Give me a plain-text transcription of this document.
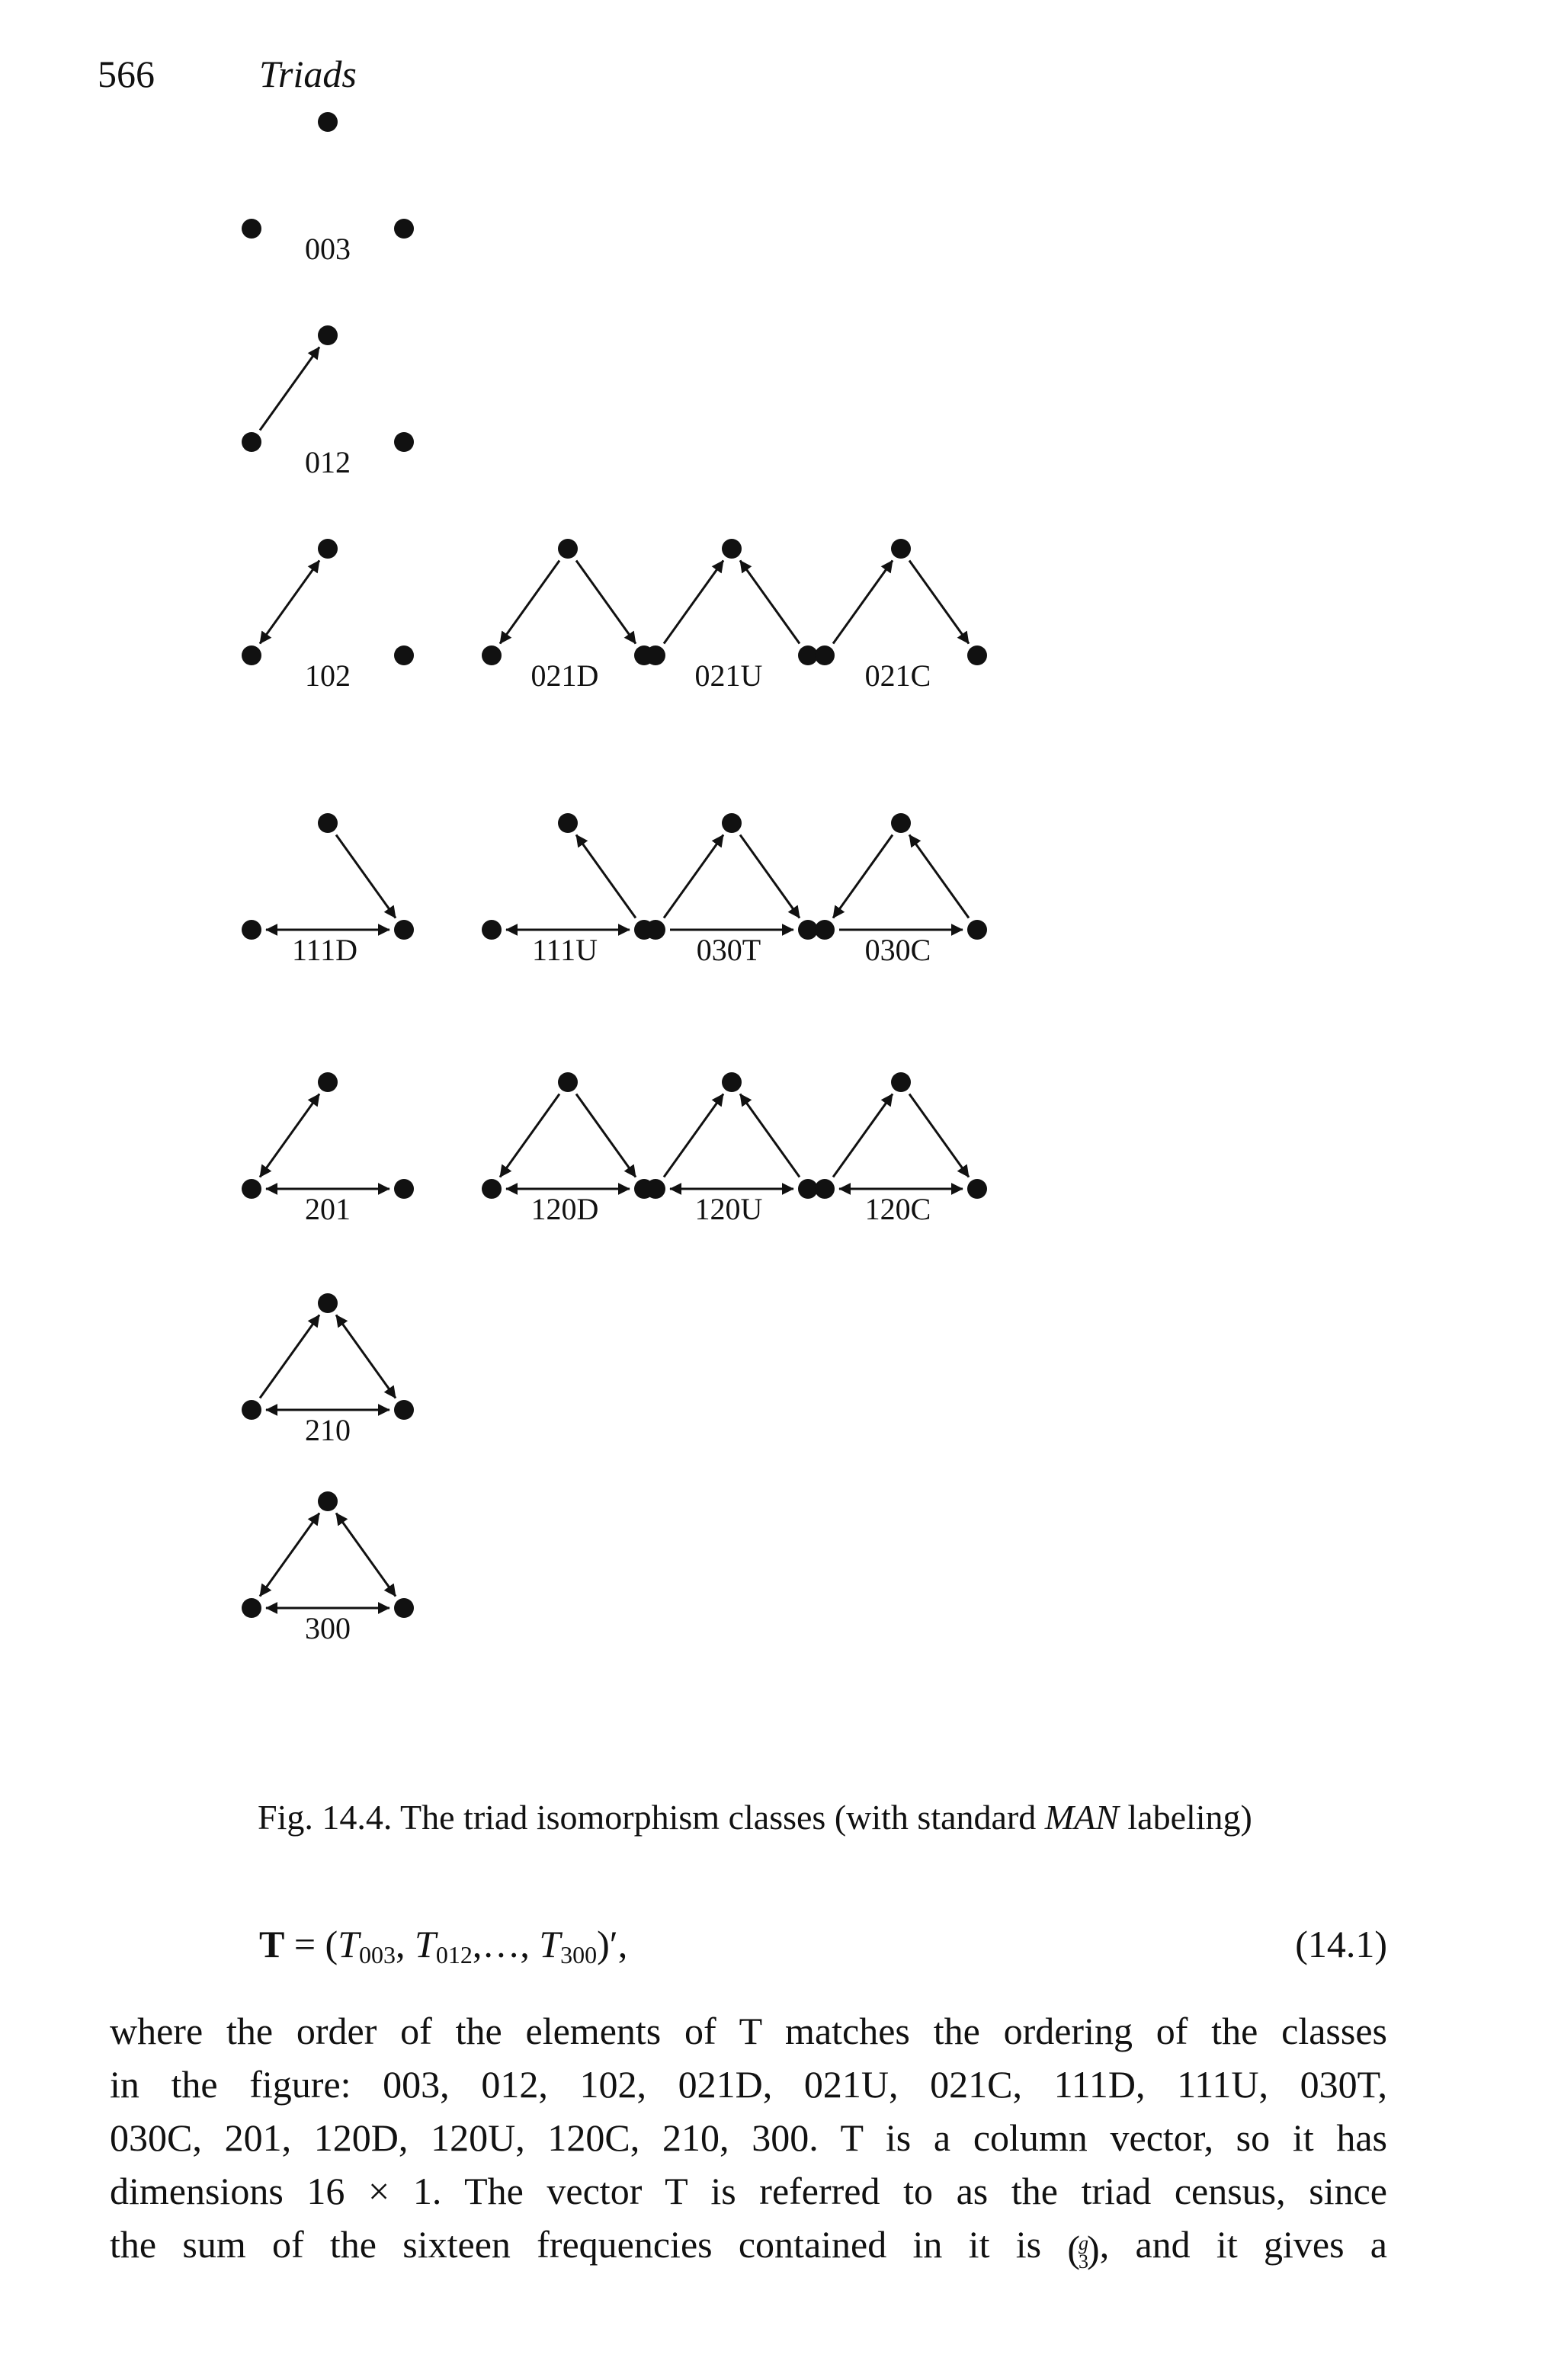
566	Triads
003
012
102	021D	021U	021C
111D	111U	030T	030C
201	120D	120U	120C
210
300
Fig. 14.4. The triad isomorphism classes (with standard MAN labeling)
$T = (T_{003}$, $T_{012},\dots$, $T_{300})'$,	(14.1)

where the order of the elements of T matches the ordering of the classes
in the figure: 003, 012, 102, 021D, 021U, 021C, 111D, 111U, 030T,
030C, 201, 120D, 120U, 120C, 210, 300. T is a column vector, so it has
dimensions 16 × 1. The vector T is referred to as the triad census, since
the sum of the sixteen frequencies contained in it is (
g
3
), and it gives a
